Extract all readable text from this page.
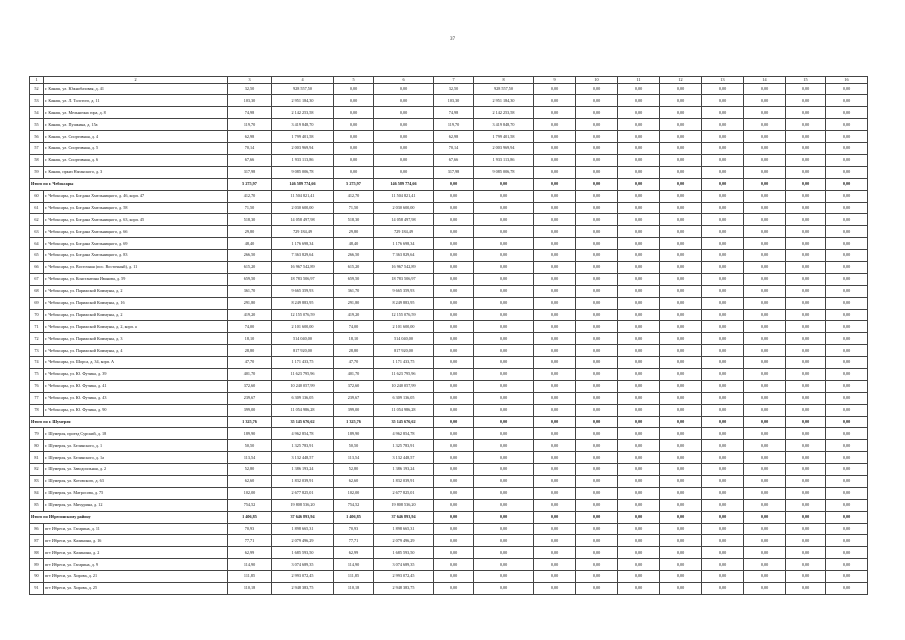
37
1	2	3	4	5	6	7	8	9	10	11	12	13	14	15	16
52	г. Канаш, ул. Южнобазовая, д. 41	32,50	928 557,50	0,00	0,00	32,50	928 557,50	0,00	0,00	0,00	0,00	0,00	0,00	0,00	0,00
53	г. Канаш, ул. Л. Толстого, д. 11	103,30	2 951 184,30	0,00	0,00	103,30	2 951 184,30	0,00	0,00	0,00	0,00	0,00	0,00	0,00	0,00
54	г. Канаш, ул. Мельнична гора, д. 8	74,98	2 142 253,58	0,00	0,00	74,98	2 142 253,58	0,00	0,00	0,00	0,00	0,00	0,00	0,00	0,00
55	г. Канаш, ул. Пушкина, д. 15а	119,70	3 419 848,70	0,00	0,00	119,70	3 419 848,70	0,00	0,00	0,00	0,00	0,00	0,00	0,00	0,00
56	г. Канаш, ул. Спортивная, д. 4	62,98	1 799 401,58	0,00	0,00	62,98	1 799 401,58	0,00	0,00	0,00	0,00	0,00	0,00	0,00	0,00
57	г. Канаш, ул. Спортивная, д. 5	70,14	2 003 969,94	0,00	0,00	70,14	2 003 969,94	0,00	0,00	0,00	0,00	0,00	0,00	0,00	0,00
58	г. Канаш, ул. Спортивная, д. 6	67,66	1 933 113,86	0,00	0,00	67,66	1 933 113,86	0,00	0,00	0,00	0,00	0,00	0,00	0,00	0,00
59	г. Канаш, пркиз Наганского, д. 3	317,98	9 085 006,78	0,00	0,00	317,98	9 085 006,78	0,00	0,00	0,00	0,00	0,00	0,00	0,00	0,00
Итого по г. Чебоксары		5 275,97	146 589 774,66	5 275,97	146 589 774,66	0,00	0,00	0,00	0,00	0,00	0,00	0,00	0,00	0,00	0,00
60	г. Чебоксары, ул. Богдана Хмельницкого, д. 46, корп. 47	412,70	11 504 821,41	412,70	11 504 821,41	0,00	0,00	0,00	0,00	0,00	0,00	0,00	0,00	0,00	0,00
61	г. Чебоксары, ул. Богдана Хмельницкого, д. 58	71,50	2 030 600,00	71,50	2 030 600,00	0,00	0,00	0,00	0,00	0,00	0,00	0,00	0,00	0,00	0,00
62	г. Чебоксары, ул. Богдана Хмельницкого, д. 63, корп. 45	518,30	14 058 497,98	518,30	14 058 497,98	0,00	0,00	0,00	0,00	0,00	0,00	0,00	0,00	0,00	0,00
63	г. Чебоксары, ул. Богдана Хмельницкого, д. 66	29,80	729 184,49	29,80	729 184,49	0,00	0,00	0,00	0,00	0,00	0,00	0,00	0,00	0,00	0,00
64	г. Чебоксары, ул. Богдана Хмельницкого, д. 69	48,40	1 176 698,34	48,40	1 176 698,34	0,00	0,00	0,00	0,00	0,00	0,00	0,00	0,00	0,00	0,00
65	г. Чебоксары, ул. Богдана Хмельницкого, д. 83	266,50	7 363 829,64	266,50	7 363 829,64	0,00	0,00	0,00	0,00	0,00	0,00	0,00	0,00	0,00	0,00
66	г. Чебоксары, ул. Восточная (пос. Восточный), д. 11	615,20	16 967 542,89	615,20	16 967 542,89	0,00	0,00	0,00	0,00	0,00	0,00	0,00	0,00	0,00	0,00
67	г. Чебоксары, ул. Константина Иванова, д. 59	659,50	18 783 506,97	659,50	18 783 506,97	0,00	0,00	0,00	0,00	0,00	0,00	0,00	0,00	0,00	0,00
68	г. Чебоксары, ул. Парижской Коммуны, д. 2	361,70	9 665 359,93	361,70	9 665 359,93	0,00	0,00	0,00	0,00	0,00	0,00	0,00	0,00	0,00	0,00
69	г. Чебоксары, ул. Парижской Коммуны, д. 16	291,80	8 249 883,95	291,80	8 249 883,95	0,00	0,00	0,00	0,00	0,00	0,00	0,00	0,00	0,00	0,00
70	г. Чебоксары, ул. Парижской Коммуны, д. 2	419,20	12 155 076,59	419,20	12 155 076,59	0,00	0,00	0,00	0,00	0,00	0,00	0,00	0,00	0,00	0,00
71	г. Чебоксары, ул. Парижской Коммуны, д. 2, корп. а	74,00	2 101 600,00	74,00	2 101 600,00	0,00	0,00	0,00	0,00	0,00	0,00	0,00	0,00	0,00	0,00
72	г. Чебоксары, ул. Парижской Коммуны, д. 3	18,10	514 040,00	18,10	514 040,00	0,00	0,00	0,00	0,00	0,00	0,00	0,00	0,00	0,00	0,00
73	г. Чебоксары, ул. Парижской Коммуны, д. 4	28,80	817 920,00	28,80	817 920,00	0,00	0,00	0,00	0,00	0,00	0,00	0,00	0,00	0,00	0,00
74	г. Чебоксары, ул. Шорса, д. 34, корп. А	47,70	1 171 433,75	47,70	1 171 433,75	0,00	0,00	0,00	0,00	0,00	0,00	0,00	0,00	0,00	0,00
75	г. Чебоксары, ул. Ю. Фучика, д. 39	401,70	11 623 795,96	401,70	11 623 795,96	0,00	0,00	0,00	0,00	0,00	0,00	0,00	0,00	0,00	0,00
76	г. Чебоксары, ул. Ю. Фучика, д. 41	372,60	10 240 057,99	372,60	10 240 057,99	0,00	0,00	0,00	0,00	0,00	0,00	0,00	0,00	0,00	0,00
77	г. Чебоксары, ул. Ю. Фучика, д. 43	239,67	6 309 136,05	239,67	6 309 136,05	0,00	0,00	0,00	0,00	0,00	0,00	0,00	0,00	0,00	0,00
78	г. Чебоксары, ул. Ю. Фучика, д. 90	399,00	11 054 986,28	399,00	11 054 986,28	0,00	0,00	0,00	0,00	0,00	0,00	0,00	0,00	0,00	0,00
Итого по г. Шумерля		1 325,76	35 145 676,62	1 325,76	35 145 676,62	0,00	0,00	0,00	0,00	0,00	0,00	0,00	0,00	0,00	0,00
79	г. Шумерля, проезд Сурский, д. 18	189,90	4 962 854,78	189,90	4 962 854,78	0,00	0,00	0,00	0,00	0,00	0,00	0,00	0,00	0,00	0,00
80	г. Шумерля, ул. Белинского, д. 1	50,50	1 325 783,91	50,50	1 325 783,91	0,00	0,00	0,00	0,00	0,00	0,00	0,00	0,00	0,00	0,00
81	г. Шумерля, ул. Белинского, д. 1а	113,54	3 132 448,57	113,54	3 132 448,57	0,00	0,00	0,00	0,00	0,00	0,00	0,00	0,00	0,00	0,00
82	г. Шумерля, ул. Заводоильная, д. 2	52,80	1 386 193,24	52,80	1 386 193,24	0,00	0,00	0,00	0,00	0,00	0,00	0,00	0,00	0,00	0,00
83	г. Шумерля, ул. Котовского, д. 63	62,60	1 832 039,91	62,60	1 832 039,91	0,00	0,00	0,00	0,00	0,00	0,00	0,00	0,00	0,00	0,00
84	г. Шумерля, ул. Матросова, д. 75	102,00	2 677 825,01	102,00	2 677 825,01	0,00	0,00	0,00	0,00	0,00	0,00	0,00	0,00	0,00	0,00
85	г. Шумерля, ул. Мичурина, д. 12	754,52	19 808 536,20	754,52	19 808 536,20	0,00	0,00	0,00	0,00	0,00	0,00	0,00	0,00	0,00	0,00
Итого по Ибресинскому району		1 406,85	37 646 893,94	1 406,85	37 646 893,94	0,00	0,00	0,00	0,00	0,00	0,00	0,00	0,00	0,00	0,00
86	пгт Ибреси, ул. Гагарина, д. 11	70,93	1 898 665,31	70,93	1 898 665,31	0,00	0,00	0,00	0,00	0,00	0,00	0,00	0,00	0,00	0,00
87	пгт Ибреси, ул. Калинина, д. 16	77,71	2 079 496,29	77,71	2 079 496,29	0,00	0,00	0,00	0,00	0,00	0,00	0,00	0,00	0,00	0,00
88	пгт Ибреси, ул. Калинина, д. 2	62,99	1 685 593,50	62,99	1 685 593,50	0,00	0,00	0,00	0,00	0,00	0,00	0,00	0,00	0,00	0,00
89	пгт Ибреси, ул. Гагарина, д. 9	114,90	3 074 689,35	114,90	3 074 689,35	0,00	0,00	0,00	0,00	0,00	0,00	0,00	0,00	0,00	0,00
90	пгт Ибреси, ул. Хирова, д. 21	111,85	2 993 072,45	111,85	2 993 072,45	0,00	0,00	0,00	0,00	0,00	0,00	0,00	0,00	0,00	0,00
91	пгт Ибреси, ул. Хирова, д. 25	110,18	2 948 383,75	110,18	2 948 383,75	0,00	0,00	0,00	0,00	0,00	0,00	0,00	0,00	0,00	0,00
